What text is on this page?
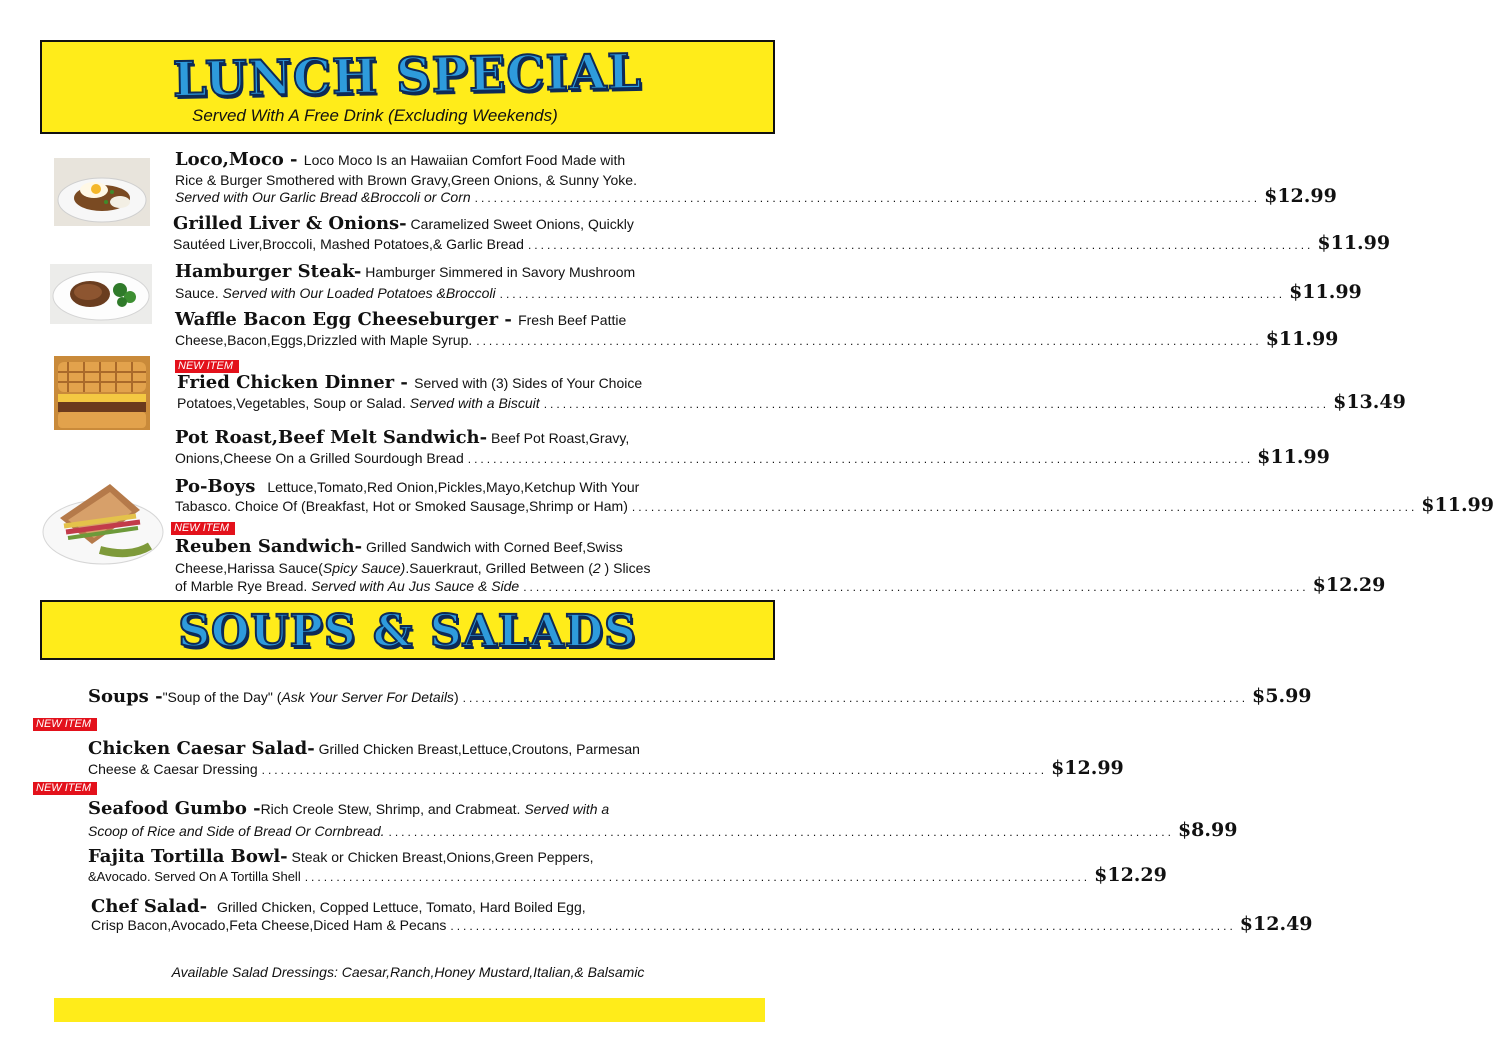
LUNCH SPECIAL
Served With A Free Drink (Excluding Weekends)
Loco,Moco - Loco Moco Is an Hawaiian Comfort Food Made with
Rice & Burger Smothered with Brown Gravy,Green Onions, & Sunny Yoke.
Served with Our Garlic Bread &Broccoli or Corn ............................................................................................................................ $12.99
Grilled Liver & Onions- Caramelized Sweet Onions, Quickly
Sautéed Liver,Broccoli, Mashed Potatoes,& Garlic Bread ............................................................................................................................ $11.99
Hamburger Steak- Hamburger Simmered in Savory Mushroom
Sauce. Served with Our Loaded Potatoes &Broccoli ............................................................................................................................ $11.99
Waffle Bacon Egg Cheeseburger - Fresh Beef Pattie
Cheese,Bacon,Eggs,Drizzled with Maple Syrup. ............................................................................................................................ $11.99
NEW ITEM
Fried Chicken Dinner - Served with (3) Sides of Your Choice
Potatoes,Vegetables, Soup or Salad. Served with a Biscuit ............................................................................................................................ $13.49
Pot Roast,Beef Melt Sandwich- Beef Pot Roast,Gravy,
Onions,Cheese On a Grilled Sourdough Bread ............................................................................................................................ $11.99
Po-Boys Lettuce,Tomato,Red Onion,Pickles,Mayo,Ketchup With Your
Tabasco. Choice Of (Breakfast, Hot or Smoked Sausage,Shrimp or Ham) ............................................................................................................................ $11.99
NEW ITEM
Reuben Sandwich- Grilled Sandwich with Corned Beef,Swiss
Cheese,Harissa Sauce(Spicy Sauce).Sauerkraut, Grilled Between (2 ) Slices
of Marble Rye Bread. Served with Au Jus Sauce & Side ............................................................................................................................ $12.29
SOUPS & SALADS
Soups -"Soup of the Day" (Ask Your Server For Details) ............................................................................................................................ $5.99
NEW ITEM
Chicken Caesar Salad- Grilled Chicken Breast,Lettuce,Croutons, Parmesan
Cheese & Caesar Dressing ............................................................................................................................ $12.99
NEW ITEM
Seafood Gumbo -Rich Creole Stew, Shrimp, and Crabmeat. Served with a
Scoop of Rice and Side of Bread Or Cornbread. ............................................................................................................................ $8.99
Fajita Tortilla Bowl- Steak or Chicken Breast,Onions,Green Peppers,
&Avocado. Served On A Tortilla Shell ............................................................................................................................ $12.29
Chef Salad- Grilled Chicken, Copped Lettuce, Tomato, Hard Boiled Egg,
Crisp Bacon,Avocado,Feta Cheese,Diced Ham & Pecans ............................................................................................................................ $12.49
Available Salad Dressings: Caesar,Ranch,Honey Mustard,Italian,& Balsamic
